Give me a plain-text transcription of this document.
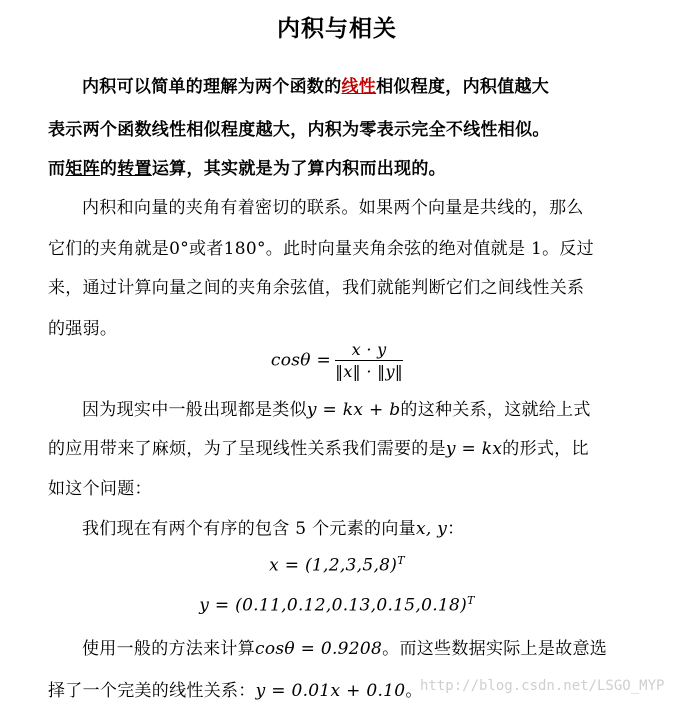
内积与相关
内积可以简单的理解为两个函数的线性相似程度，内积值越大
表示两个函数线性相似程度越大，内积为零表示完全不线性相似。
而矩阵的转置运算，其实就是为了算内积而出现的。
内积和向量的夹角有着密切的联系。如果两个向量是共线的，那么
它们的夹角就是0°或者180°。此时向量夹角余弦的绝对值就是 1。反过
来，通过计算向量之间的夹角余弦值，我们就能判断它们之间线性关系
的强弱。
$\cos\theta = \frac{x \cdot y}{‖x‖ \cdot ‖y‖}$
因为现实中一般出现都是类似y = kx + b的这种关系，这就给上式
的应用带来了麻烦，为了呈现线性关系我们需要的是y = kx的形式，比
如这个问题：
我们现在有两个有序的包含 5 个元素的向量x, y：
$x = (1,2,3,5,8)^T$
$y = (0.11,0.12,0.13,0.15,0.18)^T$
使用一般的方法来计算cosθ = 0.9208。而这些数据实际上是故意选
择了一个完美的线性关系：y = 0.01x + 0.10。
http://blog.csdn.net/LSGO_MYP
